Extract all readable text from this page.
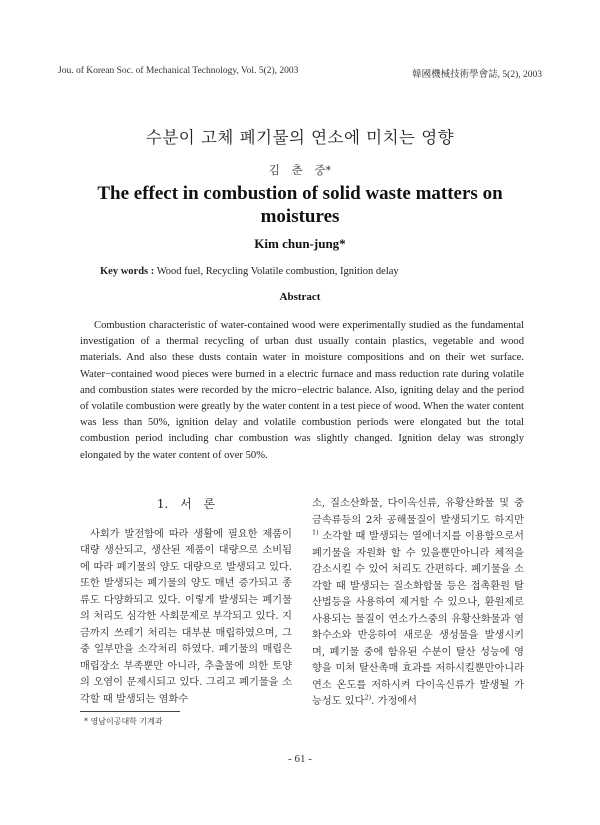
Jou. of Korean Soc. of Mechanical Technology, Vol. 5(2), 2003	韓國機械技術學會誌, 5(2), 2003
수분이 고체 폐기물의 연소에 미치는 영향
김 춘 중*
The effect in combustion of solid waste matters on moistures
Kim chun-jung*
Key words : Wood fuel, Recycling Volatile combustion, Ignition delay
Abstract

Combustion characteristic of water-contained wood were experimentally studied as the fundamental investigation of a thermal recycling of urban dust usually contain plastics, vegetable and wood materials. And also these dusts contain water in moisture compositions and on their wet surface. Water−contained wood pieces were burned in a electric furnace and mass reduction rate during volatile and combustion states were recorded by the micro−electric balance. Also, igniting delay and the period of volatile combustion were greatly by the water content in a test piece of wood. When the water content was less than 50%, ignition delay and volatile combustion periods were elongated but the total combustion period including char combustion was slightly changed. Ignition delay was strongly elongated by the water content of over 50%.

1. 서 론

사회가 발전함에 따라 생활에 필요한 제품이 대량 생산되고, 생산된 제품이 대량으로 소비됨에 따라 폐기물의 양도 대량으로 발생되고 있다. 또한 발생되는 폐기물의 양도 매년 증가되고 종류도 다양화되고 있다. 이렇게 발생되는 폐기물의 처리도 심각한 사회문제로 부각되고 있다. 지금까지 쓰레기 처리는 대부분 매립하였으며, 그중 일부만을 소각처리 하였다. 폐기물의 매립은 매립장소 부족뿐만 아니라, 추출물에 의한 토양의 오염이 문제시되고 있다. 그리고 폐기물을 소각할 때 발생되는 염화수

소, 질소산화물, 다이옥신류, 유황산화물 및 중금속류등의 2차 공해물질이 발생되기도 하지만$^{1)}$ 소각할 때 발생되는 열에너지를 이용함으로서 폐기물을 자원화 할 수 있을뿐만아니라 체적을 감소시킬 수 있어 처리도 간편하다. 폐기물을 소각할 때 발생되는 질소화합물 등은 접촉환원 탈산법등을 사용하여 제거할 수 있으나, 환원제로 사용되는 물질이 연소가스중의 유황산화물과 염화수소와 반응하여 새로운 생성물을 발생시키며, 폐기물 중에 함유된 수분이 탈산 성능에 영향을 미쳐 탈산촉매 효과를 저하시킬뿐만아니라 연소 온도를 저하시켜 다이옥신류가 발생될 가능성도 있다$^{2)}$. 가정에서

* 영남이공대학 기계과
- 61 -
